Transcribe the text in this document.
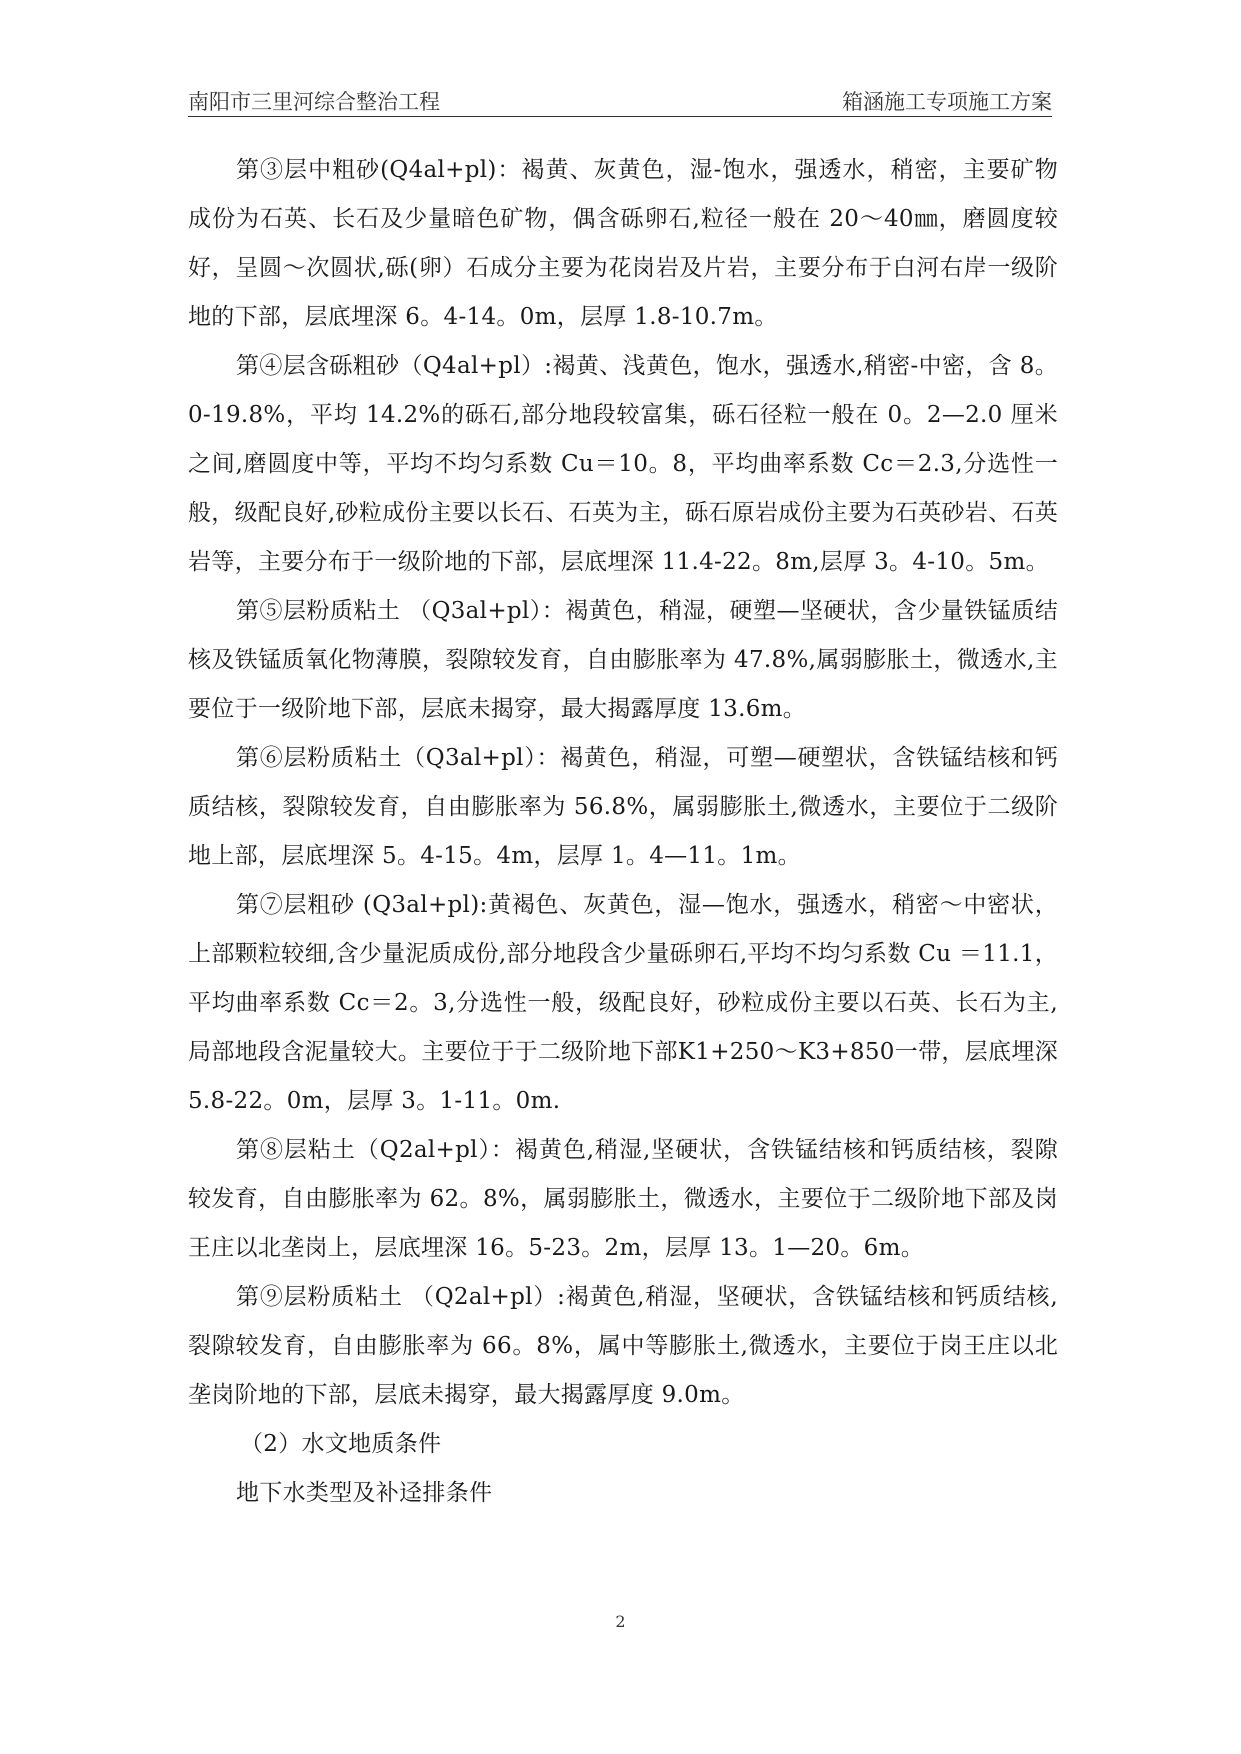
南阳市三里河综合整治工程	箱涵施工专项施工方案

第③层中粗砂(Q4al+pl)：褐黄、灰黄色，湿-饱水，强透水，稍密，主要矿物成份为石英、长石及少量暗色矿物，偶含砾卵石,粒径一般在 20～40㎜，磨圆度较好，呈圆～次圆状,砾(卵）石成分主要为花岗岩及片岩，主要分布于白河右岸一级阶地的下部，层底埋深 6。4-14。0m，层厚 1.8-10.7m。

第④层含砾粗砂（Q4al+pl）:褐黄、浅黄色，饱水，强透水,稍密-中密，含 8。0-19.8%，平均 14.2%的砾石,部分地段较富集，砾石径粒一般在 0。2—2.0 厘米之间,磨圆度中等，平均不均匀系数 Cu＝10。8，平均曲率系数 Cc＝2.3,分选性一般，级配良好,砂粒成份主要以长石、石英为主，砾石原岩成份主要为石英砂岩、石英岩等，主要分布于一级阶地的下部，层底埋深 11.4-22。8m,层厚 3。4-10。5m。

第⑤层粉质粘土 （Q3al+pl）：褐黄色，稍湿，硬塑—坚硬状，含少量铁锰质结核及铁锰质氧化物薄膜，裂隙较发育，自由膨胀率为 47.8%,属弱膨胀土，微透水,主要位于一级阶地下部，层底未揭穿，最大揭露厚度 13.6m。

第⑥层粉质粘土（Q3al+pl）：褐黄色，稍湿，可塑—硬塑状，含铁锰结核和钙质结核，裂隙较发育，自由膨胀率为 56.8%，属弱膨胀土,微透水，主要位于二级阶地上部，层底埋深 5。4-15。4m，层厚 1。4—11。1m。

第⑦层粗砂 (Q3al+pl):黄褐色、灰黄色，湿—饱水，强透水，稍密～中密状，上部颗粒较细,含少量泥质成份,部分地段含少量砾卵石,平均不均匀系数 Cu ＝11.1，平均曲率系数 Cc＝2。3,分选性一般，级配良好，砂粒成份主要以石英、长石为主,局部地段含泥量较大。主要位于于二级阶地下部K1+250～K3+850一带，层底埋深 5.8-22。0m，层厚 3。1-11。0m.

第⑧层粘土（Q2al+pl）：褐黄色,稍湿,坚硬状，含铁锰结核和钙质结核，裂隙较发育，自由膨胀率为 62。8%，属弱膨胀土，微透水，主要位于二级阶地下部及岗王庄以北垄岗上，层底埋深 16。5-23。2m，层厚 13。1—20。6m。

第⑨层粉质粘土 （Q2al+pl）:褐黄色,稍湿，坚硬状，含铁锰结核和钙质结核,裂隙较发育，自由膨胀率为 66。8%，属中等膨胀土,微透水，主要位于岗王庄以北垄岗阶地的下部，层底未揭穿，最大揭露厚度 9.0m。

（2）水文地质条件

地下水类型及补迳排条件

2
